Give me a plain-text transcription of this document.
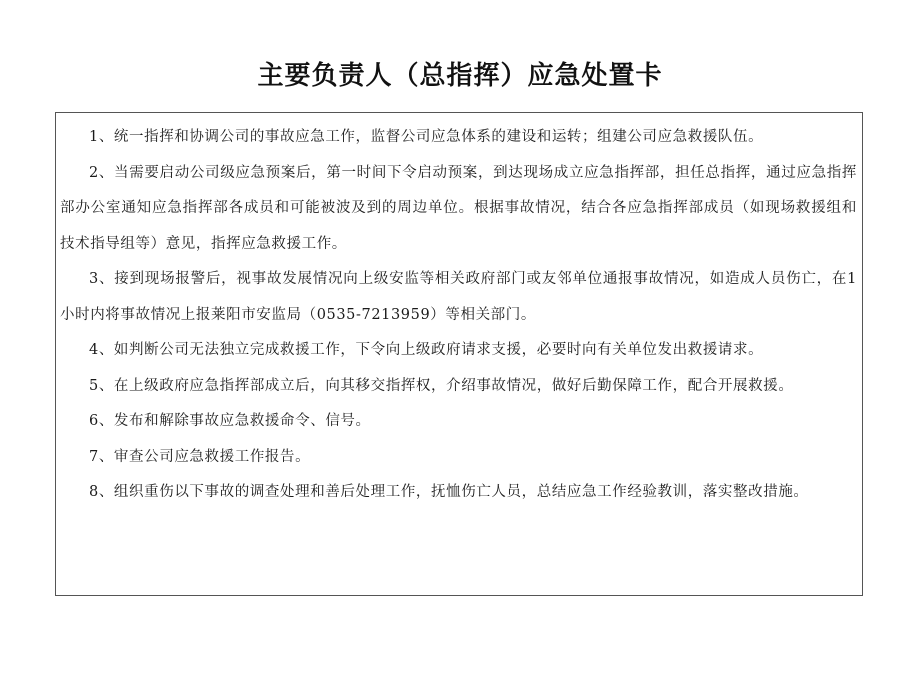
主要负责人（总指挥）应急处置卡

1、统一指挥和协调公司的事故应急工作，监督公司应急体系的建设和运转；组建公司应急救援队伍。

2、当需要启动公司级应急预案后，第一时间下令启动预案，到达现场成立应急指挥部，担任总指挥，通过应急指挥部办公室通知应急指挥部各成员和可能被波及到的周边单位。根据事故情况，结合各应急指挥部成员（如现场救援组和技术指导组等）意见，指挥应急救援工作。

3、接到现场报警后，视事故发展情况向上级安监等相关政府部门或友邻单位通报事故情况，如造成人员伤亡，在1小时内将事故情况上报莱阳市安监局（0535-7213959）等相关部门。

4、如判断公司无法独立完成救援工作，下令向上级政府请求支援，必要时向有关单位发出救援请求。

5、在上级政府应急指挥部成立后，向其移交指挥权，介绍事故情况，做好后勤保障工作，配合开展救援。

6、发布和解除事故应急救援命令、信号。

7、审查公司应急救援工作报告。

8、组织重伤以下事故的调查处理和善后处理工作，抚恤伤亡人员，总结应急工作经验教训，落实整改措施。
